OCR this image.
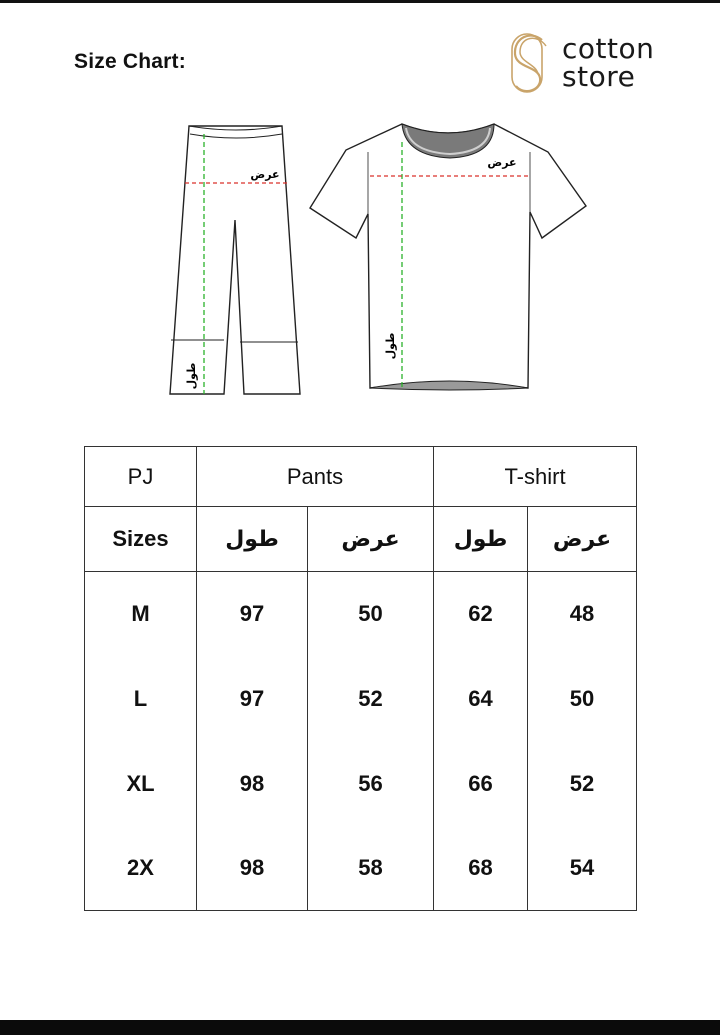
Size Chart:	cotton
store
عرض
طول
عرض
طول
PJ	Pants		T-shirt	
Sizes	طول	عرض	طول	عرض
M	97	50	62	48
L	97	52	64	50
XL	98	56	66	52
2X	98	58	68	54
